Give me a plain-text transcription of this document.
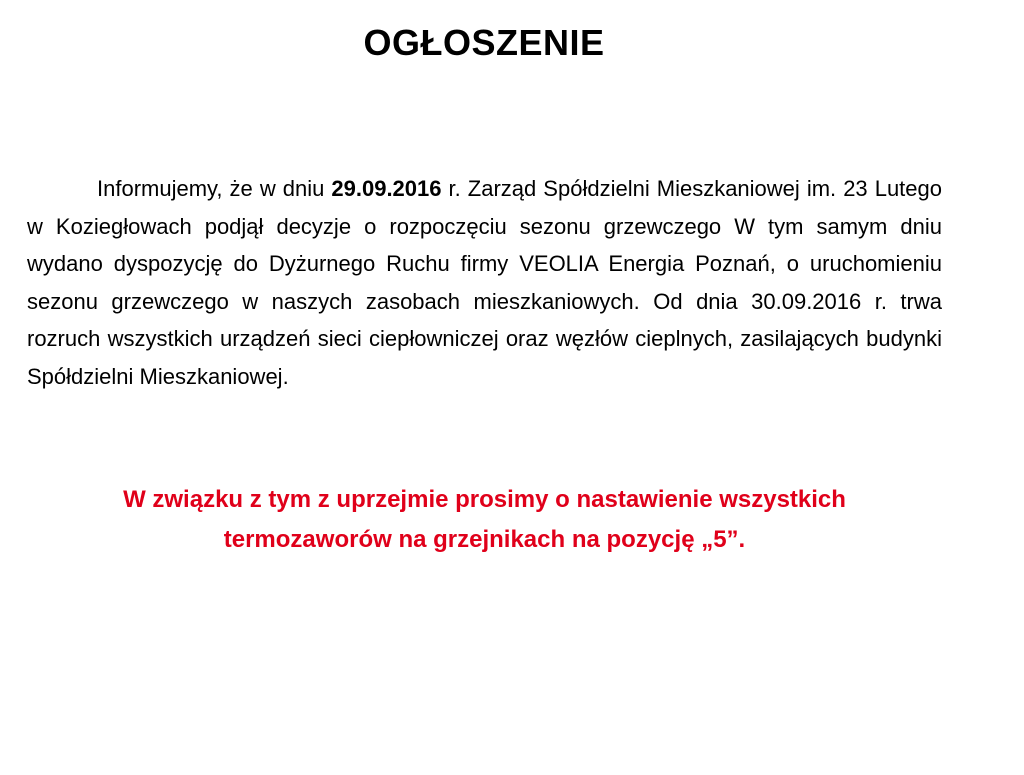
OGŁOSZENIE

Informujemy, że w dniu 29.09.2016 r. Zarząd Spółdzielni Mieszkaniowej im. 23 Lutego w Koziegłowach podjął decyzje o rozpoczęciu sezonu grzewczego W tym samym dniu wydano dyspozycję do Dyżurnego Ruchu firmy VEOLIA Energia Poznań, o uruchomieniu sezonu grzewczego w naszych zasobach mieszkaniowych. Od dnia 30.09.2016 r. trwa rozruch wszystkich urządzeń sieci ciepłowniczej oraz węzłów cieplnych, zasilających budynki Spółdzielni Mieszkaniowej.

W związku z tym z uprzejmie prosimy o nastawienie wszystkich
termozaworów na grzejnikach na pozycję „5”.
